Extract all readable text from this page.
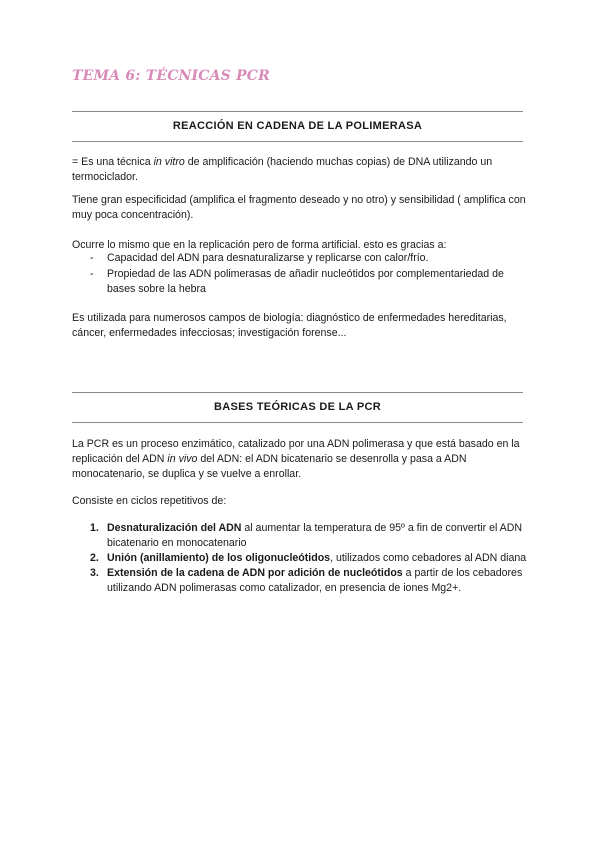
TEMA 6: TÉCNICAS PCR
REACCIÓN EN CADENA DE LA POLIMERASA

= Es una técnica in vitro de amplificación (haciendo muchas copias) de DNA utilizando un termociclador.

Tiene gran especificidad (amplifica el fragmento deseado y no otro) y sensibilidad ( amplifica con muy poca concentración).

Ocurre lo mismo que en la replicación pero de forma artificial. esto es gracias a:

- Capacidad del ADN para desnaturalizarse y replicarse con calor/frío.
- Propiedad de las ADN polimerasas de añadir nucleótidos por complementariedad de bases sobre la hebra

Es utilizada para numerosos campos de biología: diagnóstico de enfermedades hereditarias, cáncer, enfermedades infecciosas; investigación forense...

BASES TEÓRICAS DE LA PCR

La PCR es un proceso enzimático, catalizado por una ADN polimerasa y que está basado en la replicación del ADN in vivo del ADN: el ADN bicatenario se desenrolla y pasa a ADN monocatenario, se duplica y se vuelve a enrollar.

Consiste en ciclos repetitivos de:

1. Desnaturalización del ADN al aumentar la temperatura de 95º a fin de convertir el ADN bicatenario en monocatenario
2. Unión (anillamiento) de los oligonucleótidos, utilizados como cebadores al ADN diana
3. Extensión de la cadena de ADN por adición de nucleótidos a partir de los cebadores utilizando ADN polimerasas como catalizador, en presencia de iones Mg2+.
